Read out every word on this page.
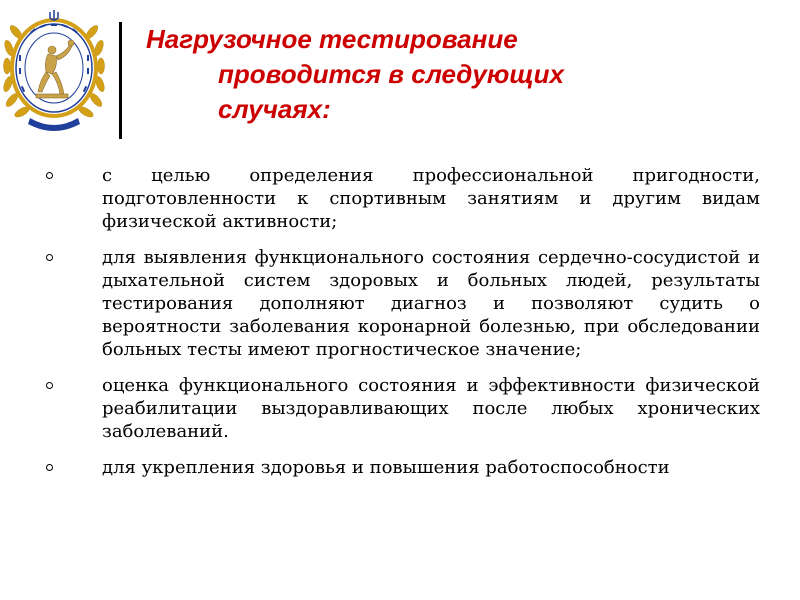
Нагрузочное тестирование
проводится в следующих
случаях:
с целью определения профессиональной пригодности, подготовленности к спортивным занятиям и другим видам физической активности;
для выявления функционального состояния сердечно-сосудистой и дыхательной систем здоровых и больных людей, результаты тестирования дополняют диагноз и позволяют судить о вероятности заболевания коронарной болезнью, при обследовании больных тесты имеют прогностическое значение;
оценка функционального состояния и эффективности физической реабилитации выздоравливающих после любых хронических заболеваний.
для укрепления здоровья и повышения работоспособности
